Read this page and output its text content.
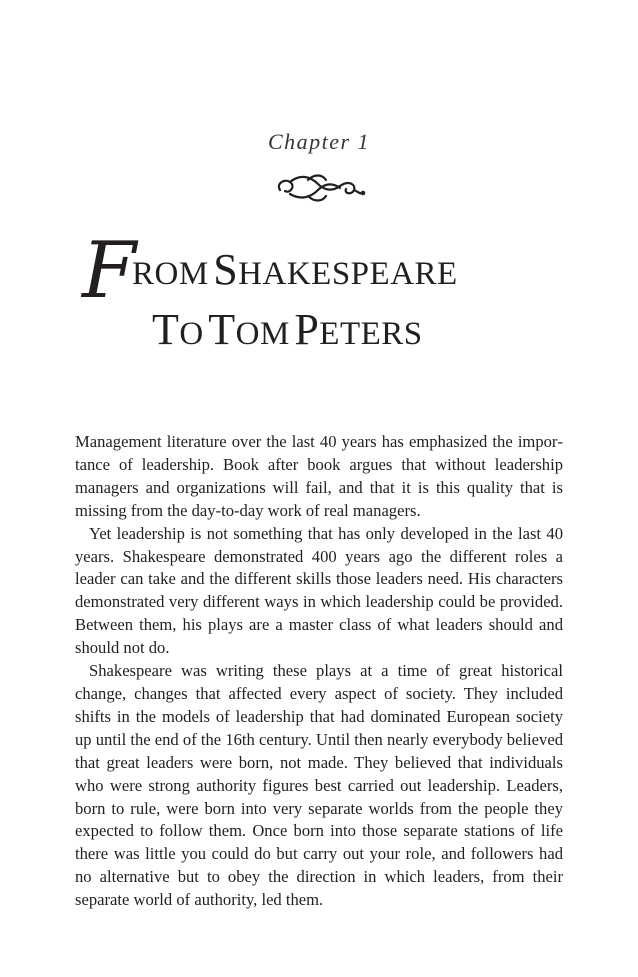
Chapter 1
F
ROM SHAKESPEARE
TO TOM PETERS

Management literature over the last 40 years has emphasized the importance of leadership. Book after book argues that without leadership managers and organizations will fail, and that it is this quality that is missing from the day-to-day work of real managers.

Yet leadership is not something that has only developed in the last 40 years. Shakespeare demonstrated 400 years ago the different roles a leader can take and the different skills those leaders need. His characters demonstrated very different ways in which leadership could be provided. Between them, his plays are a master class of what leaders should and should not do.

Shakespeare was writing these plays at a time of great historical change, changes that affected every aspect of society. They included shifts in the models of leadership that had dominated European society up until the end of the 16th century. Until then nearly everybody believed that great leaders were born, not made. They believed that individuals who were strong authority figures best carried out leadership. Leaders, born to rule, were born into very separate worlds from the people they expected to follow them. Once born into those separate stations of life there was little you could do but carry out your role, and followers had no alternative but to obey the direction in which leaders, from their separate world of authority, led them.
